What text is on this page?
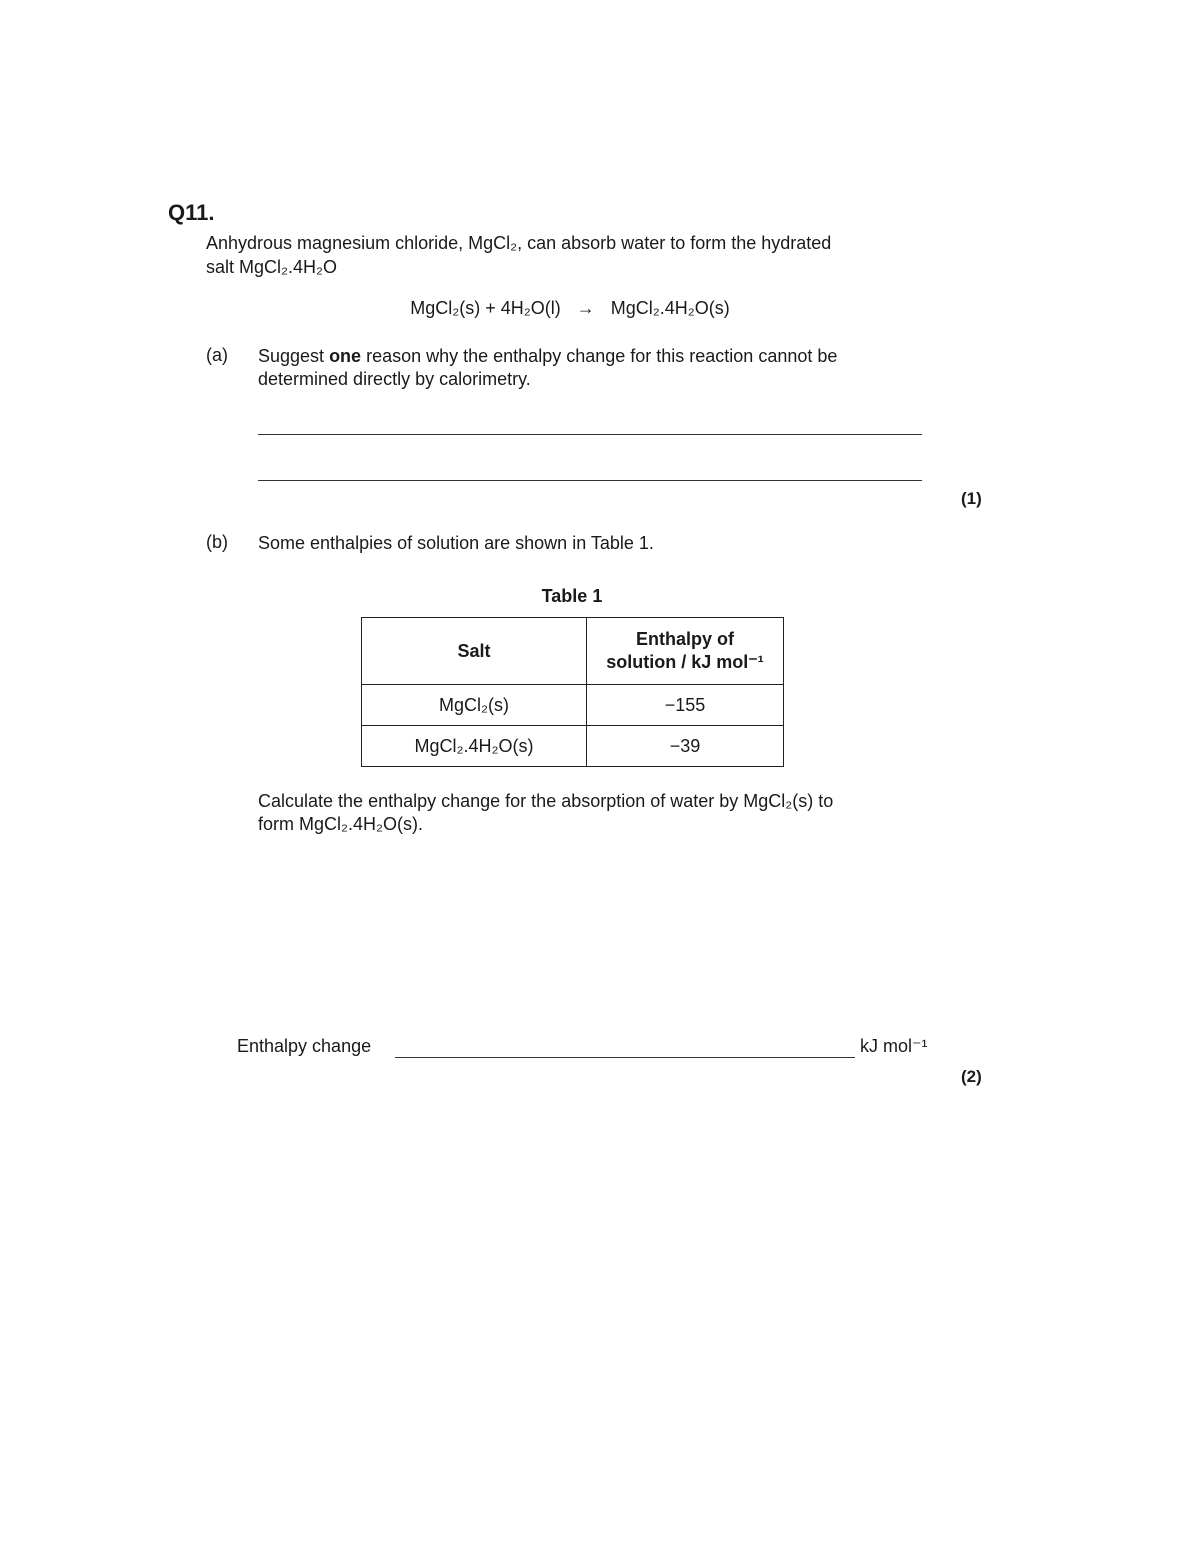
Q11.
Anhydrous magnesium chloride, MgCl₂, can absorb water to form the hydrated
salt MgCl₂.4H₂O
MgCl₂(s) + 4H₂O(l) → MgCl₂.4H₂O(s)
(a) Suggest one reason why the enthalpy change for this reaction cannot be
determined directly by calorimetry.
(1)
(b) Some enthalpies of solution are shown in Table 1.
Table 1
Salt	Enthalpy of
solution / kJ mol⁻¹

MgCl₂(s)	−155
MgCl₂.4H₂O(s)	−39
Calculate the enthalpy change for the absorption of water by MgCl₂(s) to
form MgCl₂.4H₂O(s).
Enthalpy change	kJ mol⁻¹
(2)
